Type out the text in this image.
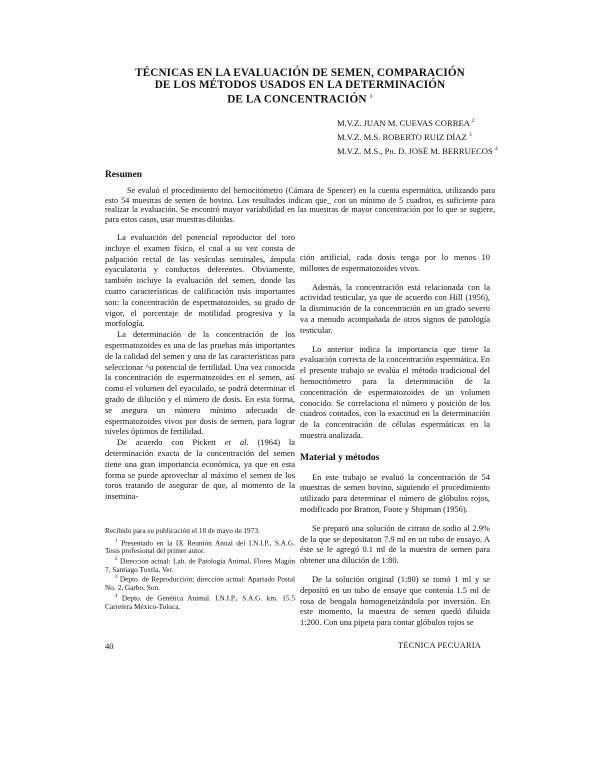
TÉCNICAS EN LA EVALUACIÓN DE SEMEN, COMPARACIÓN
DE LOS MÉTODOS USADOS EN LA DETERMINACIÓN
DE LA CONCENTRACIÓN $^1$
M.V.Z. JUAN M. CUEVAS CORREA $^2$
M.V.Z. M.S. ROBERTO RUIZ DÍAZ $^3$
M.V.Z. M.S., Ph. D. JOSÉ M. BERRUECOS $^4$
Resumen
Se evaluó el procedimiento del hemocitómetro (Cámara de Spencer) en la cuenta espermática, utilizando para esto 54 muestras de semen de bovino. Los resultados indican que_ con un mínimo de 5 cuadros, es suficiente para realizar la evaluación. Se encontró mayor variabilidad en las muestras de mayor concentración por lo que se sugiere, para estos casos, usar muestras diluidas.

La evaluación del potencial reproductor del toro incluye el examen físico, el cual a su vez consta de palpación rectal de las vesículas seminales, ámpula eyaculatoria y conductos deferentes. Obviamente, también incluye la evaluación del semen, donde las cuatro características de calificación más importantes son: la concentración de espermatozoides, su grado de vigor, el porcentaje de motilidad progresiva y la morfología.

La determinación de la concentración de los espermatozoides es una de las pruebas más importantes de la calidad del semen y una de las características para seleccionar ^u potencial de fertilidad. Una vez conocida la concentración de espermatozoides en el semen, así como el volumen del eyaculado, se podrá determinar el grado de dilución y el número de dosis. En esta forma, se asegura un número mínimo adecuado de espermatozoides vivos por dosis de semen, para lograr niveles óptimos de fertilidad.

De acuerdo con Pickett et al. (1964) la determinación exacta de la concentración del semen tiene una gran importancia económica, ya que en esta forma se puede aprovechar al máximo el semen de los toros tratando de asegurar de que, al momento de la insemina-

Recibido para su publicación el 18 de mayo de 1973.

$^1$ Presentado en la IX Reunión Anual del I.N.I.P., S.A.G. Tesis profesional del primer autor.

$^2$ Dirección actual: Lab. de Patología Animal, Flores Magón 7, Santiago Tuxtla, Ver.

$^3$ Depto. de Reproducción; dirección actual: Apartado Postal No. 2, Garbo, Son.

$^4$ Depto. de Genética Animal. I.N.I.P., S.A.G. km. 15.5 Carretera México-Toluca.

ción artificial, cada dosis tenga por lo menos 10 millones de espermatozoides vivos.

Además, la concentración está relacionada con la actividad testicular, ya que de acuerdo con Hill (1956), la disminución de la concentración en un grado severo va a menudo acompañada de otros signos de patología testicular.

Lo anterior indica la importancia que tiene la evaluación correcta de la concentración espermática. En el presente trabajo se evalúa el método tradicional del hemocitómetro para la determinación de la concentración de espermatozoides de un volumen conocido. Se correlaciona el número y posición de los cuadros contados, con la exactitud en la determinación de la concentración de células espermáticas en la muestra analizada.

Material y métodos

En este trabajo se evaluó la concentración de 54 muestras de semen bovino, siguiendo el procedimiento utilizado para determinar el número de glóbulos rojos, modificado por Bratton, Foote y Shipman (1956).

Se preparó una solución de citrato de sodio al 2.9% de la que se depositaron 7.9 ml en un tubo de ensayo. A éste se le agregó 0.1 ml de la muestra de semen para obtener una dilución de 1:80.

De la solución original (1:80) se tomó 1 ml y se depositó en un tubo de ensaye que contenía 1.5 ml de rosa de bengala homogeneizándola por inversión. En este momento, la muestra de semen quedó diluida 1:200. Con una pipeta para contar glóbulos rojos se

40	TÉCNICA PECUARIA
